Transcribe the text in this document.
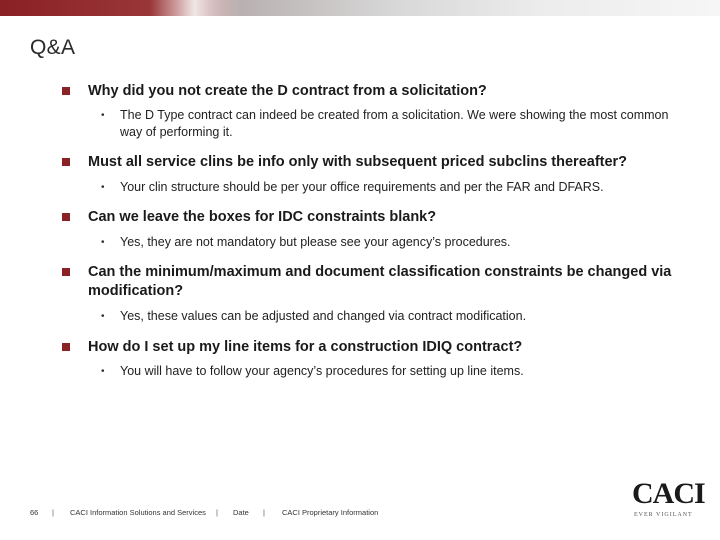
Q&A
Why did you not create the D contract from a solicitation?
• The D Type contract can indeed be created from a solicitation. We were showing the most common way of performing it.
Must all service clins be info only with subsequent priced subclins thereafter?
• Your clin structure should be per your office requirements and per the FAR and DFARS.
Can we leave the boxes for IDC constraints blank?
• Yes, they are not mandatory but please see your agency’s procedures.
Can the minimum/maximum and document classification constraints be changed via modification?
• Yes, these values can be adjusted and changed via contract modification.
How do I set up my line items for a construction IDIQ contract?
• You will have to follow your agency’s procedures for setting up line items.
66 | CACI Information Solutions and Services | Date | CACI Proprietary Information
CACI
EVER VIGILANT
